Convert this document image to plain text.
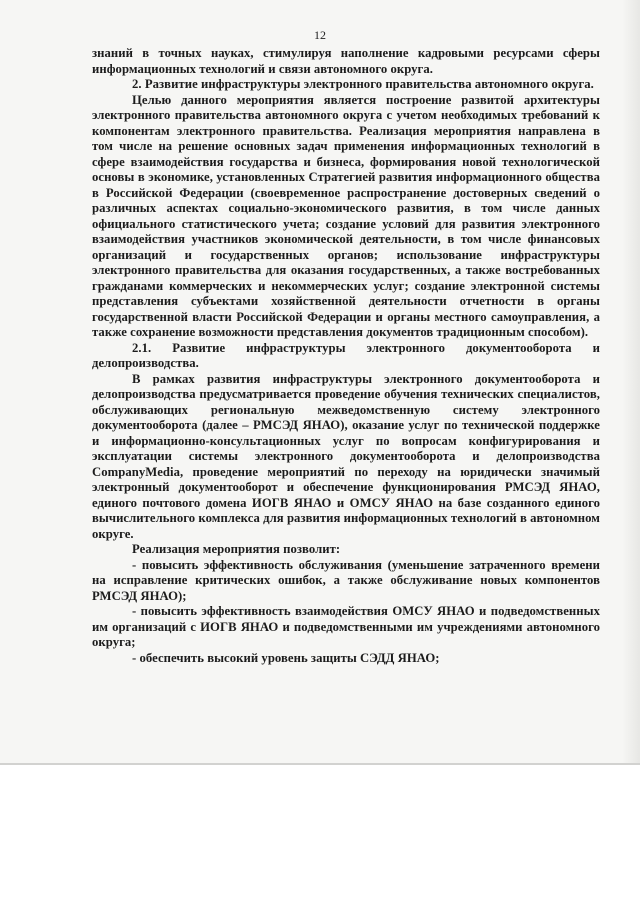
12

знаний в точных науках, стимулируя наполнение кадровыми ресурсами сферы информационных технологий и связи автономного округа.

2. Развитие инфраструктуры электронного правительства автономного округа.

Целью данного мероприятия является построение развитой архитектуры электронного правительства автономного округа с учетом необходимых требований к компонентам электронного правительства. Реализация мероприятия направлена в том числе на решение основных задач применения информационных технологий в сфере взаимодействия государства и бизнеса, формирования новой технологической основы в экономике, установленных Стратегией развития информационного общества в Российской Федерации (своевременное распространение достоверных сведений о различных аспектах социально-экономического развития, в том числе данных официального статистического учета; создание условий для развития электронного взаимодействия участников экономической деятельности, в том числе финансовых организаций и государственных органов; использование инфраструктуры электронного правительства для оказания государственных, а также востребованных гражданами коммерческих и некоммерческих услуг; создание электронной системы представления субъектами хозяйственной деятельности отчетности в органы государственной власти Российской Федерации и органы местного самоуправления, а также сохранение возможности представления документов традиционным способом).

2.1. Развитие инфраструктуры электронного документооборота и делопроизводства.

В рамках развития инфраструктуры электронного документооборота и делопроизводства предусматривается проведение обучения технических специалистов, обслуживающих региональную межведомственную систему электронного документооборота (далее – РМСЭД ЯНАО), оказание услуг по технической поддержке и информационно-консультационных услуг по вопросам конфигурирования и эксплуатации системы электронного документооборота и делопроизводства CompanyMedia, проведение мероприятий по переходу на юридически значимый электронный документооборот и обеспечение функционирования РМСЭД ЯНАО, единого почтового домена ИОГВ ЯНАО и ОМСУ ЯНАО на базе созданного единого вычислительного комплекса для развития информационных технологий в автономном округе.

Реализация мероприятия позволит:

- повысить эффективность обслуживания (уменьшение затраченного времени на исправление критических ошибок, а также обслуживание новых компонентов РМСЭД ЯНАО);

- повысить эффективность взаимодействия ОМСУ ЯНАО и подведомственных им организаций с ИОГВ ЯНАО и подведомственными им учреждениями автономного округа;

- обеспечить высокий уровень защиты СЭДД ЯНАО;
